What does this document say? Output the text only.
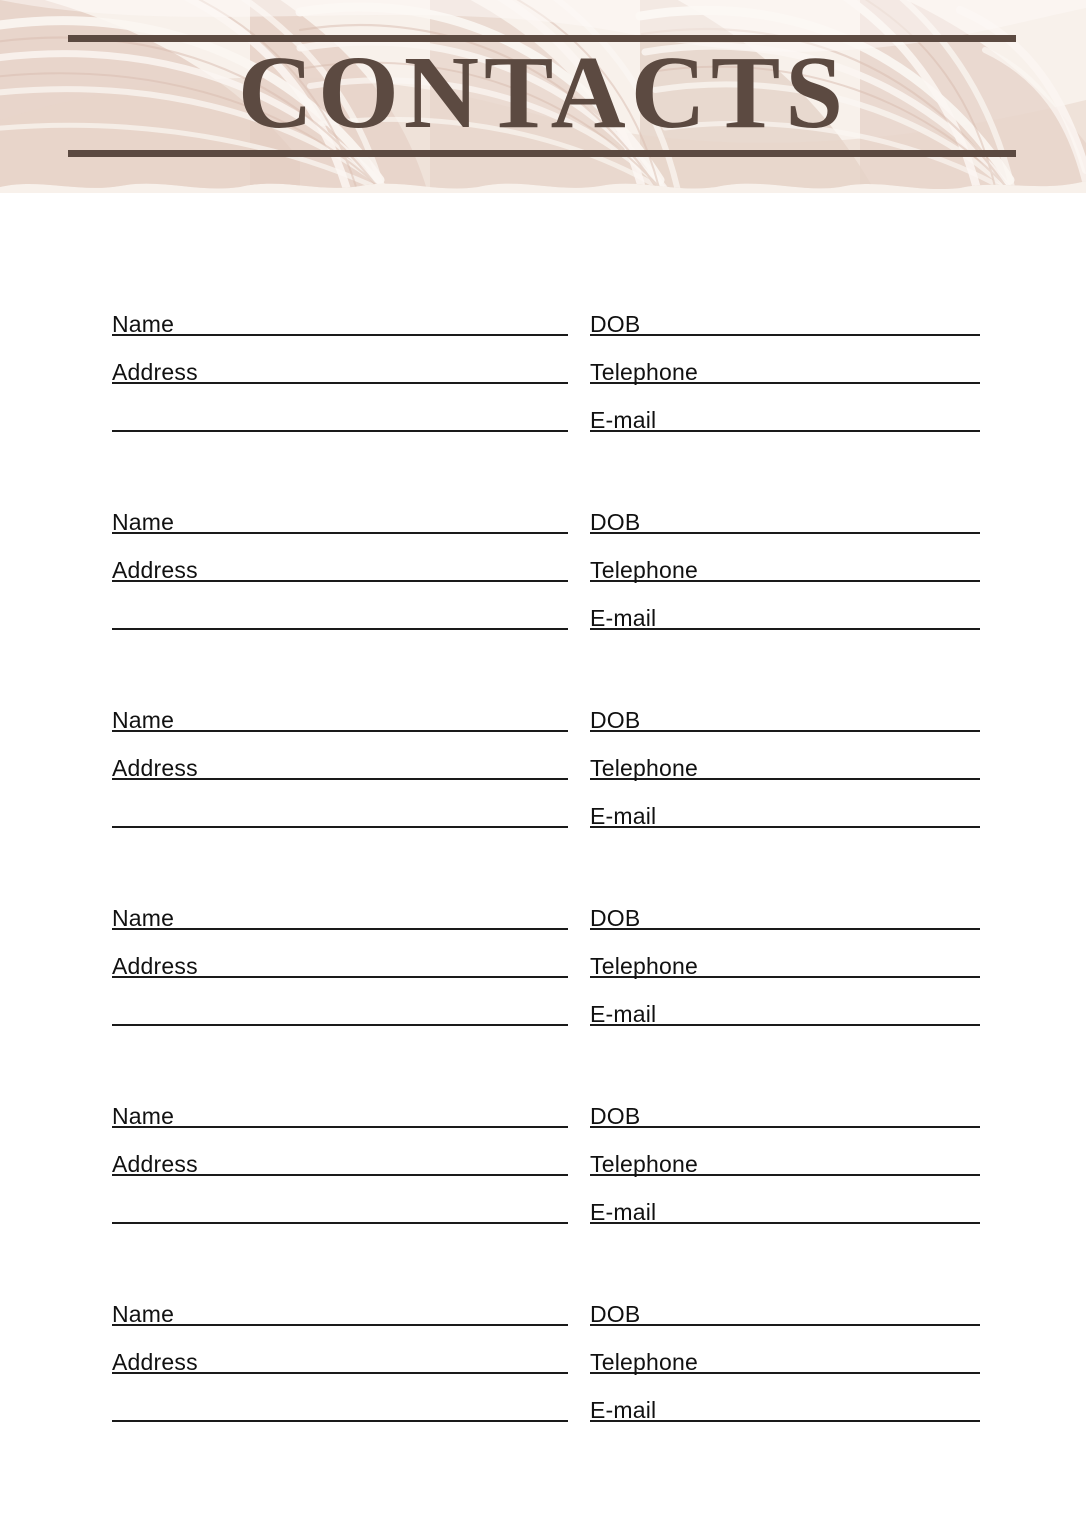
CONTACTS
Name
Address
DOB
Telephone
E-mail
Name
Address
DOB
Telephone
E-mail
Name
Address
DOB
Telephone
E-mail
Name
Address
DOB
Telephone
E-mail
Name
Address
DOB
Telephone
E-mail
Name
Address
DOB
Telephone
E-mail
